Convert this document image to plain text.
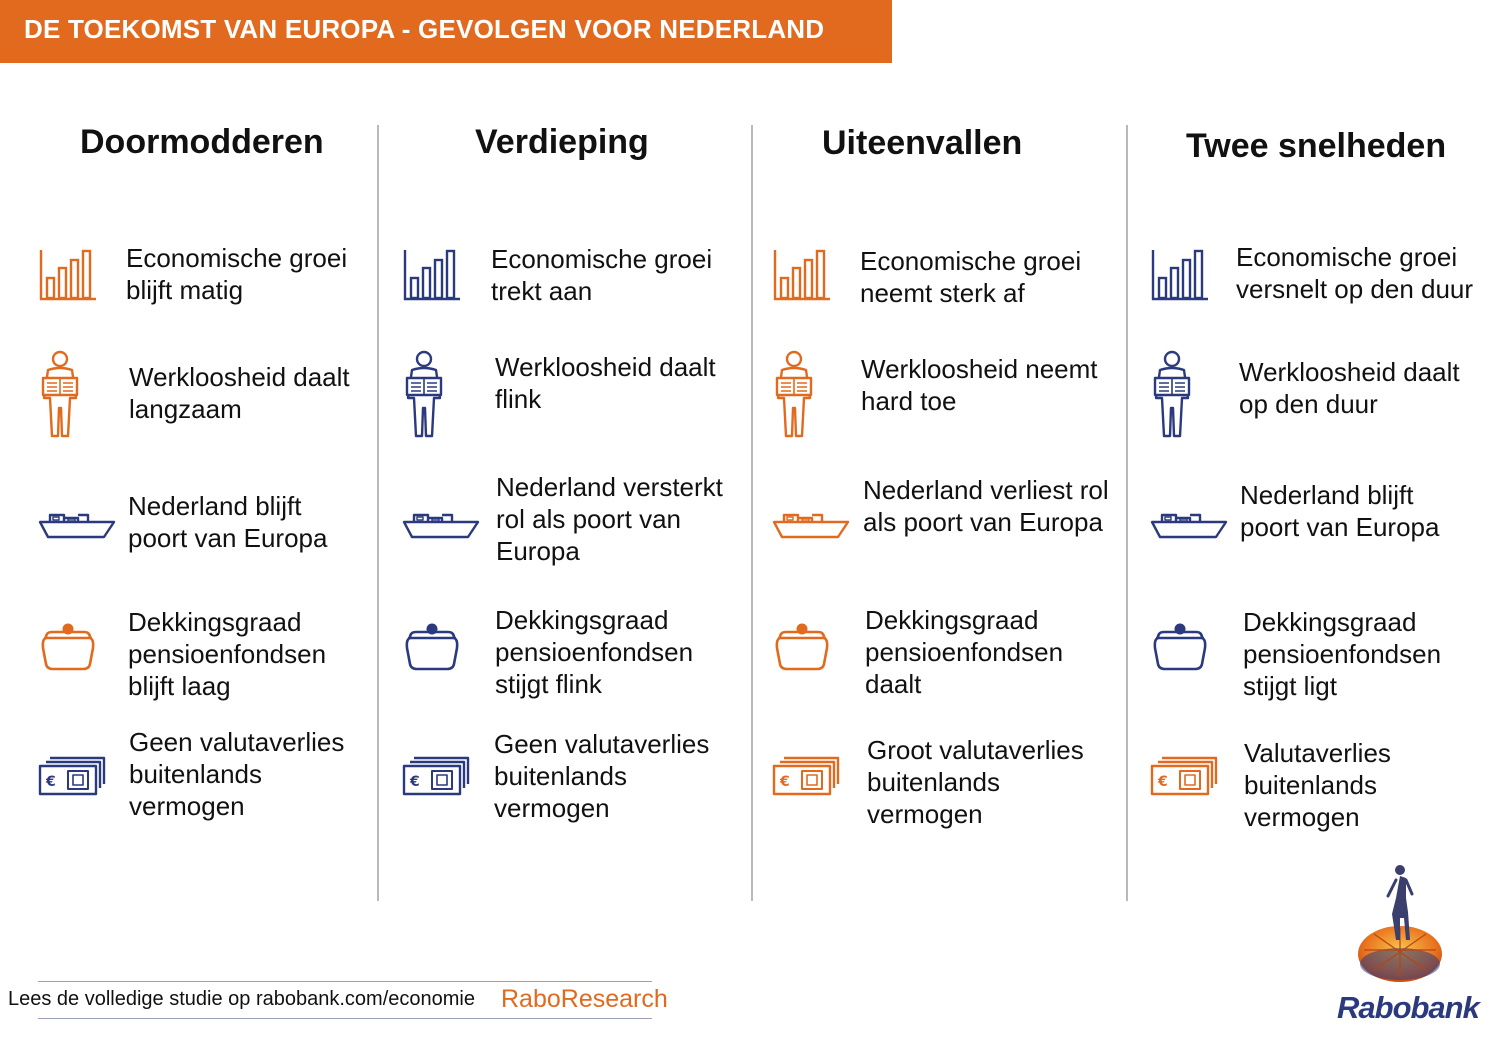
DE TOEKOMST VAN EUROPA - GEVOLGEN VOOR NEDERLAND
Doormodderen
Economische groei
blijft matig
Werkloosheid daalt
langzaam
Nederland blijft
poort van Europa
Dekkingsgraad
pensioenfondsen
blijft laag
€
Geen valutaverlies
buitenlands
vermogen
Verdieping
Economische groei
trekt aan
Werkloosheid daalt
flink
Nederland versterkt
rol als poort van
Europa
Dekkingsgraad
pensioenfondsen
stijgt flink
€
Geen valutaverlies
buitenlands
vermogen
Uiteenvallen
Economische groei
neemt sterk af
Werkloosheid neemt
hard toe
Nederland verliest rol
als poort van Europa
Dekkingsgraad
pensioenfondsen
daalt
€
Groot valutaverlies
buitenlands
vermogen
Twee snelheden
Economische groei
versnelt op den duur
Werkloosheid daalt
op den duur
Nederland blijft
poort van Europa
Dekkingsgraad
pensioenfondsen
stijgt ligt
€
Valutaverlies
buitenlands
vermogen
Lees de volledige studie op rabobank.com/economie RaboResearch	Rabobank
